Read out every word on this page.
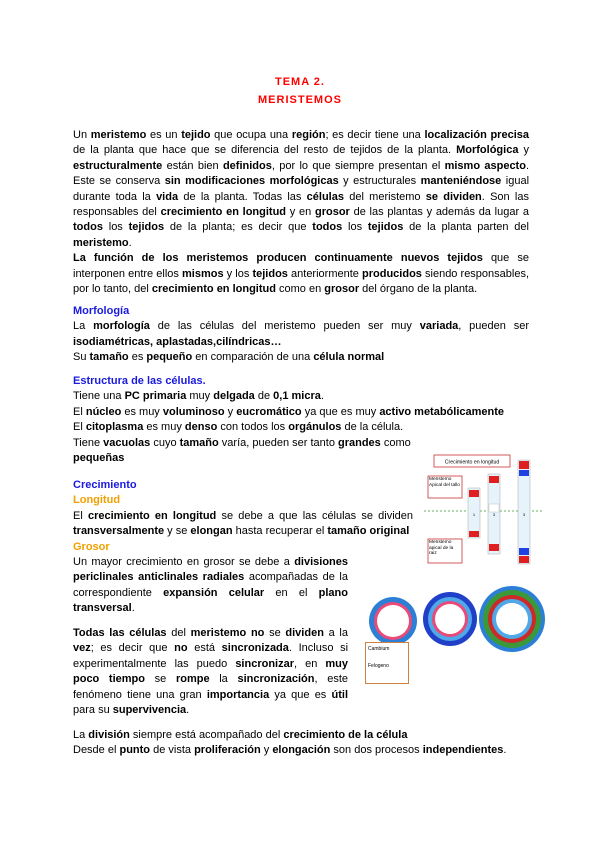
TEMA 2.
MERISTEMOS

Un meristemo es un tejido que ocupa una región; es decir tiene una localización precisa de la planta que hace que se diferencia del resto de tejidos de la planta. Morfológica y estructuralmente están bien definidos, por lo que siempre presentan el mismo aspecto. Este se conserva sin modificaciones morfológicas y estructurales manteniéndose igual durante toda la vida de la planta. Todas las células del meristemo se dividen. Son las responsables del crecimiento en longitud y en grosor de las plantas y además da lugar a todos los tejidos de la planta; es decir que todos los tejidos de la planta parten del meristemo.

La función de los meristemos producen continuamente nuevos tejidos que se interponen entre ellos mismos y los tejidos anteriormente producidos siendo responsables, por lo tanto, del crecimiento en longitud como en grosor del órgano de la planta.

Morfología

La morfología de las células del meristemo pueden ser muy variada, pueden ser isodiamétricas, aplastadas,cilíndricas…

Su tamaño es pequeño en comparación de una célula normal

Estructura de las células.

Tiene una PC primaria muy delgada de 0,1 micra.

El núcleo es muy voluminoso y eucromático ya que es muy activo metabólicamente

El citoplasma es muy denso con todos los orgánulos de la célula.

Tiene vacuolas cuyo tamaño varía, pueden ser tanto grandes como

pequeñas

Crecimiento

Longitud

El crecimiento en longitud se debe a que las células se dividen transversalmente y se elongan hasta recuperar el tamaño original

Grosor

Un mayor crecimiento en grosor se debe a divisiones periclinales anticlinales radiales acompañadas de la correspondiente expansión celular en el plano transversal.

Todas las células del meristemo no se dividen a la vez; es decir que no está sincronizada. Incluso si experimentalmente las puedo sincronizar, en muy poco tiempo se rompe la sincronización, este fenómeno tiene una gran importancia ya que es útil para su supervivencia.

La división siempre está acompañado del crecimiento de la célula

Desde el punto de vista proliferación y elongación son dos procesos independientes.

Crecimiento en longitud
Meristemo Apical del tallo
Meristemo apical de la raiz
1	3	3
Cambium
Felogeno
